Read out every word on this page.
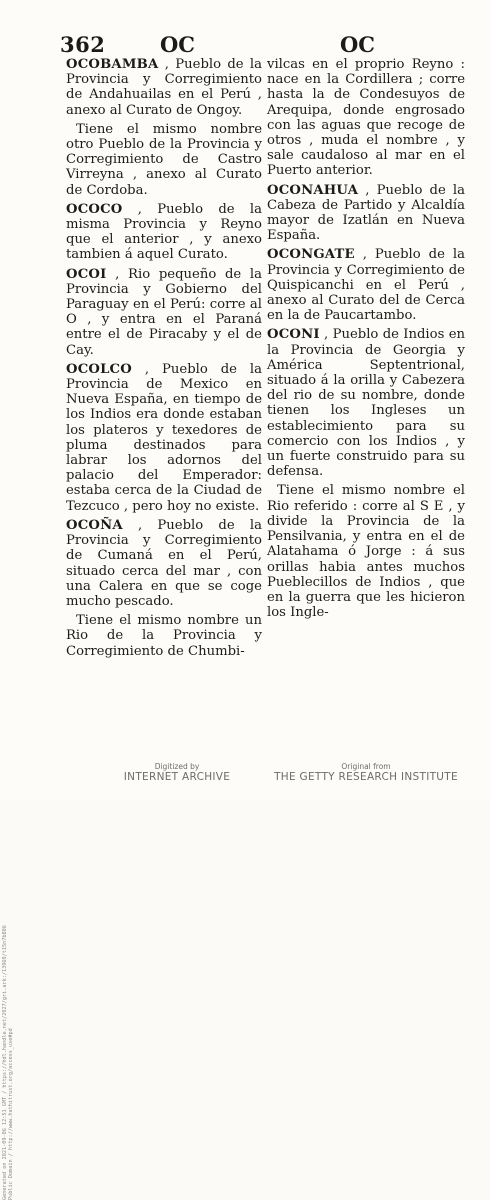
362	OC	OC

OCOBAMBA , Pueblo de la Provincia y Corregimiento de Andahuailas en el Perú , anexo al Curato de Ongoy.

Tiene el mismo nombre otro Pueblo de la Provincia y Corregimiento de Castro Virreyna , anexo al Curato de Cordoba.

OCOCO , Pueblo de la misma Provincia y Reyno que el anterior , y anexo tambien á aquel Curato.

OCOI , Rio pequeño de la Provincia y Gobierno del Paraguay en el Perú: corre al O , y entra en el Paraná entre el de Piracaby y el de Cay.

OCOLCO , Pueblo de la Provincia de Mexico en Nueva España, en tiempo de los Indios era donde estaban los plateros y texedores de pluma destinados para labrar los adornos del palacio del Emperador: estaba cerca de la Ciudad de Tezcuco , pero hoy no existe.

OCOÑA , Pueblo de la Provincia y Corregimiento de Cumaná en el Perú, situado cerca del mar , con una Calera en que se coge mucho pescado.

Tiene el mismo nombre un Rio de la Provincia y Corregimiento de Chumbi-

vilcas en el proprio Reyno : nace en la Cordillera ; corre hasta la de Condesuyos de Arequipa, donde engrosado con las aguas que recoge de otros , muda el nombre , y sale caudaloso al mar en el Puerto anterior.

OCONAHUA , Pueblo de la Cabeza de Partido y Alcaldía mayor de Izatlán en Nueva España.

OCONGATE , Pueblo de la Provincia y Corregimiento de Quispicanchi en el Perú , anexo al Curato del de Cerca en la de Paucartambo.

OCONI , Pueblo de Indios en la Provincia de Georgia y América Septentrional, situado á la orilla y Cabezera del rio de su nombre, donde tienen los Ingleses un establecimiento para su comercio con los Indios , y un fuerte construido para su defensa.

Tiene el mismo nombre el Rio referido : corre al S E , y divide la Provincia de la Pensilvania, y entra en el de Alatahama ó Jorge : á sus orillas habia antes muchos Pueblecillos de Indios , que en la guerra que les hicieron los Ingle-

Generated on 2021-09-06 12:51 GMT / https://hdl.handle.net/2027/gri.ark:/13960/t15n7b806 Public Domain / http://www.hathitrust.org/access_use#pd
Digitized by
INTERNET ARCHIVE
Original from
THE GETTY RESEARCH INSTITUTE
